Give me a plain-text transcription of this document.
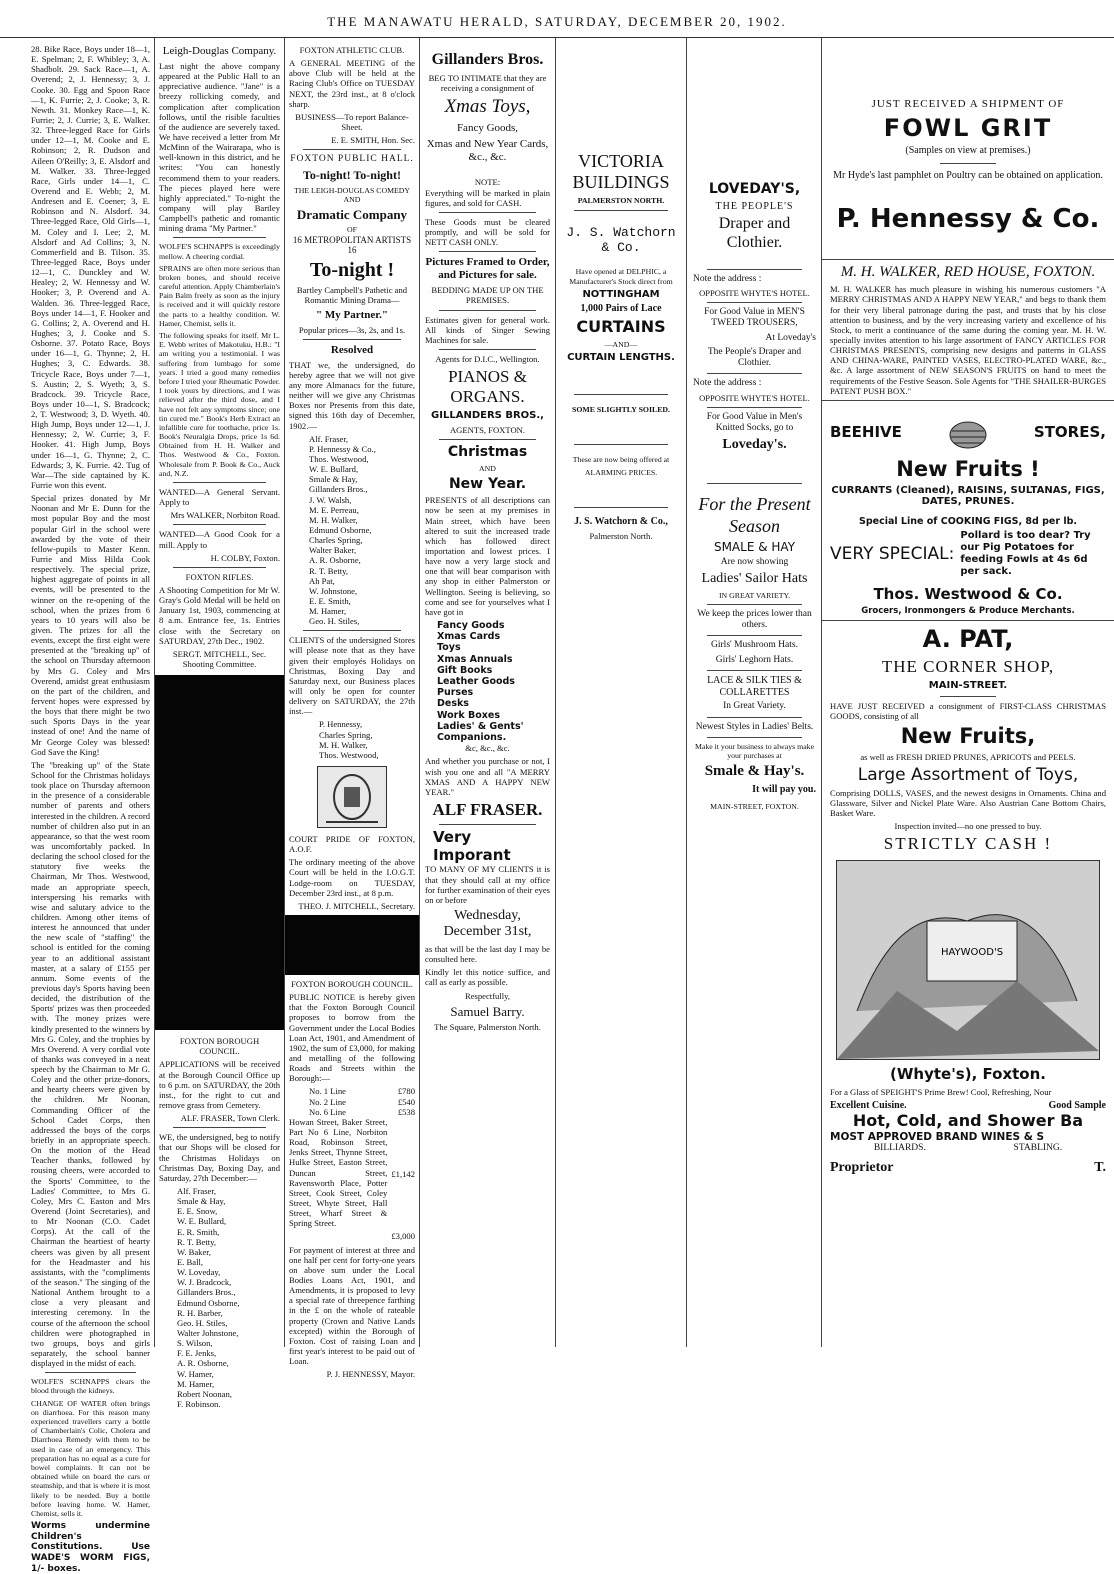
THE MANAWATU HERALD, SATURDAY, DECEMBER 20, 1902.

28. Bike Race, Boys under 18—1, E. Spelman; 2, F. Whibley; 3, A. Shadbolt. 29. Sack Race—1, A. Overend; 2, J. Hennessy; 3, J. Cooke. 30. Egg and Spoon Race—1, K. Furrie; 2, J. Cooke; 3, R. Newth. 31. Monkey Race—1, K. Furrie; 2, J. Currie; 3, E. Walker. 32. Three-legged Race for Girls under 12—1, M. Cooke and E. Robinson; 2, R. Dudson and Aileen O'Reilly; 3, E. Alsdorf and M. Walker. 33. Three-legged Race, Girls under 14—1, C. Overend and E. Webb; 2, M. Andresen and E. Coener; 3, E. Robinson and N. Alsdorf. 34. Three-legged Race, Old Girls—1, M. Coley and I. Lee; 2, M. Alsdorf and Ad Collins; 3, N. Commerfield and B. Tilson. 35. Three-legged Race, Boys under 12—1, C. Dunckley and W. Healey; 2, W. Hennessy and W. Hooker; 3, P. Overend and A. Walden. 36. Three-legged Race, Boys under 14—1, F. Hooker and G. Collins; 2, A. Overend and H. Hughes; 3, J. Cooke and S. Osborne. 37. Potato Race, Boys under 16—1, G. Thynne; 2, H. Hughes; 3, C. Edwards. 38. Tricycle Race, Boys under 7—1, S. Austin; 2, S. Wyeth; 3, S. Bradcock. 39. Tricycle Race, Boys under 10—1, S. Bradcock; 2, T. Westwood; 3, D. Wyeth. 40. High Jump, Boys under 12—1, J. Hennessy; 2, W. Currie; 3, F. Hooker. 41. High Jump, Boys under 16—1, G. Thynne; 2, C. Edwards; 3, K. Furrie. 42. Tug of War—The side captained by K. Furrie won this event.

Special prizes donated by Mr Noonan and Mr E. Dunn for the most popular Boy and the most popular Girl in the school were awarded by the vote of their fellow-pupils to Master Kenn. Furrie and Miss Hilda Cook respectively. The special prize, highest aggregate of points in all events, will be presented to the winner on the re-opening of the school, when the prizes from 6 years to 10 years will also be given. The prizes for all the events, except the first eight were presented at the "breaking up" of the school on Thursday afternoon by Mrs G. Coley and Mrs Overend, amidst great enthusiasm on the part of the children, and fervent hopes were expressed by the boys that there might be two such Sports Days in the year instead of one! And the name of Mr George Coley was blessed! God Save the King!

The "breaking up" of the State School for the Christmas holidays took place on Thursday afternoon in the presence of a considerable number of parents and others interested in the children. A record number of children also put in an appearance, so that the west room was uncomfortably packed. In declaring the school closed for the statutory five weeks the Chairman, Mr Thos. Westwood, made an appropriate speech, interspersing his remarks with wise and salutary advice to the children. Among other items of interest he announced that under the new scale of "staffing" the school is entitled for the coming year to an additional assistant master, at a salary of £155 per annum. Some events of the previous day's Sports having been decided, the distribution of the Sports' prizes was then proceeded with. The money prizes were kindly presented to the winners by Mrs G. Coley, and the trophies by Mrs Overend. A very cordial vote of thanks was conveyed in a neat speech by the Chairman to Mr G. Coley and the other prize-donors, and hearty cheers were given by the children. Mr Noonan, Commanding Officer of the School Cadet Corps, then addressed the boys of the corps briefly in an appropriate speech. On the motion of the Head Teacher thanks, followed by rousing cheers, were accorded to the Sports' Committee, to the Ladies' Committee, to Mrs G. Coley, Mrs C. Easton and Mrs Overend (Joint Secretaries), and to Mr Noonan (C.O. Cadet Corps). At the call of the Chairman the heartiest of hearty cheers was given by all present for the Headmaster and his assistants, with the "compliments of the season." The singing of the National Anthem brought to a close a very pleasant and interesting ceremony. In the course of the afternoon the school children were photographed in two groups, boys and girls separately, the school banner displayed in the midst of each.

WOLFE'S SCHNAPPS clears the blood through the kidneys.

CHANGE OF WATER often brings on diarrhoea. For this reason many experienced travellers carry a bottle of Chamberlain's Colic, Cholera and Diarrhoea Remedy with them to be used in case of an emergency. This preparation has no equal as a cure for bowel complaints. It can not be obtained while on board the cars or steamship, and that is where it is most likely to be needed. Buy a bottle before leaving home. W. Hamer, Chemist, sells it.

Worms undermine Children's Constitutions. Use WADE'S WORM FIGS, 1/- boxes.

Leigh-Douglas Company.

Last night the above company appeared at the Public Hall to an appreciative audience. "Jane" is a breezy rollicking comedy, and complication after complication follows, until the risible faculties of the audience are severely taxed. We have received a letter from Mr McMinn of the Wairarapa, who is well-known in this district, and he writes: "You can honestly recommend them to your readers. The pieces played here were highly appreciated." To-night the company will play Bartley Campbell's pathetic and romantic mining drama "My Partner."

WOLFE'S SCHNAPPS is exceedingly mellow. A cheering cordial.

SPRAINS are often more serious than broken bones, and should receive careful attention. Apply Chamberlain's Pain Balm freely as soon as the injury is received and it will quickly restore the parts to a healthy condition. W. Hamer, Chemist, sells it.

The following speaks for itself. Mr L. E. Webb writes of Makotuku, H.B.: "I am writing you a testimonial. I was suffering from lumbago for some years. I tried a good many remedies before I tried your Rheumatic Powder. I took yours by directions, and I was relieved after the third dose, and I have not felt any symptoms since; one tin cured me." Book's Herb Extract an infallible cure for toothache, price 1s. Book's Neuralgia Drops, price 1s 6d. Obtained from H. H. Walker and Thos. Westwood & Co., Foxton. Wholesale from P. Book & Co., Auck and, N.Z.

WANTED—A General Servant. Apply to

Mrs WALKER, Norbiton Road.

WANTED—A Good Cook for a mill. Apply to

H. COLBY, Foxton.

FOXTON RIFLES.

A Shooting Competition for Mr W. Gray's Gold Medal will be held on January 1st, 1903, commencing at 8 a.m. Entrance fee, 1s. Entries close with the Secretary on SATURDAY, 27th Dec., 1902.

SERGT. MITCHELL, Sec. Shooting Committee.

FOXTON BOROUGH COUNCIL.

APPLICATIONS will be received at the Borough Council Office up to 6 p.m. on SATURDAY, the 20th inst., for the right to cut and remove grass from Cemetery.

ALF. FRASER, Town Clerk.

WE, the undersigned, beg to notify that our Shops will be closed for the Christmas Holidays on Christmas Day, Boxing Day, and Saturday, 27th December:—

Alf. Fraser,

Smale & Hay,

E. E. Snow,

W. E. Bullard,

E. R. Smith,

R. T. Betty,

W. Baker,

E. Ball,

W. Loveday,

W. J. Bradcock,

Gillanders Bros.,

Edmund Osborne,

R. H. Barber,

Geo. H. Stiles,

Walter Johnstone,

S. Wilson,

F. E. Jenks,

A. R. Osborne,

W. Hamer,

M. Hamer,

Robert Noonan,

F. Robinson.

FOXTON ATHLETIC CLUB.

A GENERAL MEETING of the above Club will be held at the Racing Club's Office on TUESDAY NEXT, the 23rd inst., at 8 o'clock sharp.

BUSINESS—To report Balance-Sheet.

E. E. SMITH, Hon. Sec.

FOXTON PUBLIC HALL.
To-night! To-night!
THE LEIGH-DOUGLAS COMEDY AND
Dramatic Company
OF
16 METROPOLITAN ARTISTS 16
To-night !

Bartley Campbell's Pathetic and Romantic Mining Drama—

" My Partner."

Popular prices—3s, 2s, and 1s.

Resolved

THAT we, the undersigned, do hereby agree that we will not give any more Almanacs for the future, neither will we give any Christmas Boxes nor Presents from this date, signed this 16th day of December, 1902.—

Alf. Fraser,

P. Hennessy & Co.,

Thos. Westwood,

W. E. Bullard,

Smale & Hay,

Gillanders Bros.,

J. W. Walsh,

M. E. Perreau,

M. H. Walker,

Edmund Osborne,

Charles Spring,

Walter Baker,

A. R. Osborne,

R. T. Betty,

Ah Pat,

W. Johnstone,

E. E. Smith,

M. Hamer,

Geo. H. Stiles,

CLIENTS of the undersigned Stores will please note that as they have given their employés Holidays on Christmas, Boxing Day and Saturday next, our Business places will only be open for counter delivery on SATURDAY, the 27th inst.—

P. Hennessy,

Charles Spring,

M. H. Walker,

Thos. Westwood,

COURT PRIDE OF FOXTON, A.O.F.

The ordinary meeting of the above Court will be held in the I.O.G.T. Lodge-room on TUESDAY, December 23rd inst., at 8 p.m.

THEO. J. MITCHELL, Secretary.

FOXTON BOROUGH COUNCIL.

PUBLIC NOTICE is hereby given that the Foxton Borough Council proposes to borrow from the Government under the Local Bodies Loan Act, 1901, and Amendment of 1902, the sum of £3,000, for making and metalling of the following Roads and Streets within the Borough:—

No. 1 Line	£780
No. 2 Line	£540
No. 6 Line	£538

Howan Street, Baker Street, Part No 6 Line, Norbiton Road, Robinson Street, Jenks Street, Thynne Street, Hulke Street, Easton Street, Duncan Street, Ravensworth Place, Potter Street, Cook Street, Coley Street, Whyte Street, Hall Street, Wharf Street & Spring Street.

£1,142

£3,000

For payment of interest at three and one half per cent for forty-one years on above sum under the Local Bodies Loans Act, 1901, and Amendments, it is proposed to levy a special rate of threepence farthing in the £ on the whole of rateable property (Crown and Native Lands excepted) within the Borough of Foxton. Cost of raising Loan and first year's interest to be paid out of Loan.

P. J. HENNESSY, Mayor.

Gillanders Bros.

BEG TO INTIMATE that they are receiving a consignment of

Xmas Toys,
Fancy Goods,
Xmas and New Year Cards, &c., &c.
NOTE:

Everything will be marked in plain figures, and sold for CASH.

These Goods must be cleared promptly, and will be sold for NETT CASH ONLY.

Pictures Framed to Order, and Pictures for sale.

BEDDING MADE UP ON THE PREMISES.

Estimates given for general work. All kinds of Singer Sewing Machines for sale.

Agents for D.I.C., Wellington.

PIANOS & ORGANS.
GILLANDERS BROS.,
AGENTS, FOXTON.
Christmas
AND
New Year.

PRESENTS of all descriptions can now be seen at my premises in Main street, which have been altered to suit the increased trade which has followed direct importation and lowest prices. I have now a very large stock and one that will bear comparison with any shop in either Palmerston or Wellington. Seeing is believing, so come and see for yourselves what I have got in

Fancy Goods

Xmas Cards

Toys

Xmas Annuals

Gift Books

Leather Goods

Purses

Desks

Work Boxes

Ladies' & Gents' Companions.

&c, &c., &c.

And whether you purchase or not, I wish you one and all "A MERRY XMAS AND A HAPPY NEW YEAR."

ALF FRASER.
Very
Imporant

TO MANY OF MY CLIENTS it is that they should call at my office for further examination of their eyes on or before

Wednesday, December 31st,

as that will be the last day I may be consulted here.

Kindly let this notice suffice, and call as early as possible.

Respectfully,

Samuel Barry.

The Square, Palmerston North.

VICTORIA BUILDINGS
PALMERSTON NORTH.
J. S. Watchorn & Co.

Have opened at DELPHIC, a Manufacturer's Stock direct from

NOTTINGHAM
1,000 Pairs of Lace
CURTAINS
—AND—
CURTAIN LENGTHS.
SOME SLIGHTLY SOILED.

These are now being offered at

ALARMING PRICES.
J. S. Watchorn & Co.,
Palmerston North.
LOVEDAY'S,
THE PEOPLE'S
Draper and Clothier.

Note the address :

OPPOSITE WHYTE'S HOTEL.

For Good Value in MEN'S TWEED TROUSERS,

At Loveday's

The People's Draper and Clothier.

Note the address :

OPPOSITE WHYTE'S HOTEL.

For Good Value in Men's Knitted Socks, go to

Loveday's.
For the Present Season
SMALE & HAY

Are now showing

Ladies' Sailor Hats

IN GREAT VARIETY.

We keep the prices lower than others.

Girls' Mushroom Hats.

Girls' Leghorn Hats.

LACE & SILK TIES & COLLARETTES

In Great Variety.

Newest Styles in Ladies' Belts.

Make it your business to always make your purchases at

Smale & Hay's.

It will pay you.

MAIN-STREET, FOXTON.

JUST RECEIVED A SHIPMENT OF
FOWL GRIT
(Samples on view at premises.)

Mr Hyde's last pamphlet on Poultry can be obtained on application.

P. Hennessy & Co.
M. H. WALKER, RED HOUSE, FOXTON.

M. H. WALKER has much pleasure in wishing his numerous customers "A MERRY CHRISTMAS AND A HAPPY NEW YEAR," and begs to thank them for their very liberal patronage during the past, and trusts that by his close attention to business, and by the very increasing variety and excellence of his Stock, to merit a continuance of the same during the coming year. M. H. W. specially invites attention to his large assortment of FANCY ARTICLES FOR CHRISTMAS PRESENTS, comprising new designs and patterns in GLASS AND CHINA-WARE, PAINTED VASES, ELECTRO-PLATED WARE, &c., &c. A large assortment of NEW SEASON'S FRUITS on hand to meet the requirements of the Festive Season. Sole Agents for "THE SHAILER-BURGES PATENT PUSH BOX."

BEEHIVE	STORES,
New Fruits !
CURRANTS (Cleaned), RAISINS, SULTANAS, FIGS, DATES, PRUNES.
Special Line of COOKING FIGS, 8d per lb.
VERY SPECIAL:
Pollard is too dear? Try our Pig Potatoes for feeding Fowls at 4s 6d per sack.
Thos. Westwood & Co.
Grocers, Ironmongers & Produce Merchants.
A. PAT,
THE CORNER SHOP,
MAIN-STREET.

HAVE JUST RECEIVED a consignment of FIRST-CLASS CHRISTMAS GOODS, consisting of all

New Fruits,

as well as FRESH DRIED PRUNES, APRICOTS and PEELS.

Large Assortment of Toys,

Comprising DOLLS, VASES, and the newest designs in Ornaments. China and Glassware, Silver and Nickel Plate Ware. Also Austrian Cane Bottom Chairs, Basket Ware.

Inspection invited—no one pressed to buy.

STRICTLY CASH !
HAYWOOD'S
(Whyte's), Foxton.

For a Glass of SPEIGHT'S Prime Brew! Cool, Refreshing, Nour

Excellent Cuisine.	Good Sample
Hot, Cold, and Shower Ba
MOST APPROVED BRAND WINES & S
BILLIARDS.	STABLING.
Proprietor	T.
